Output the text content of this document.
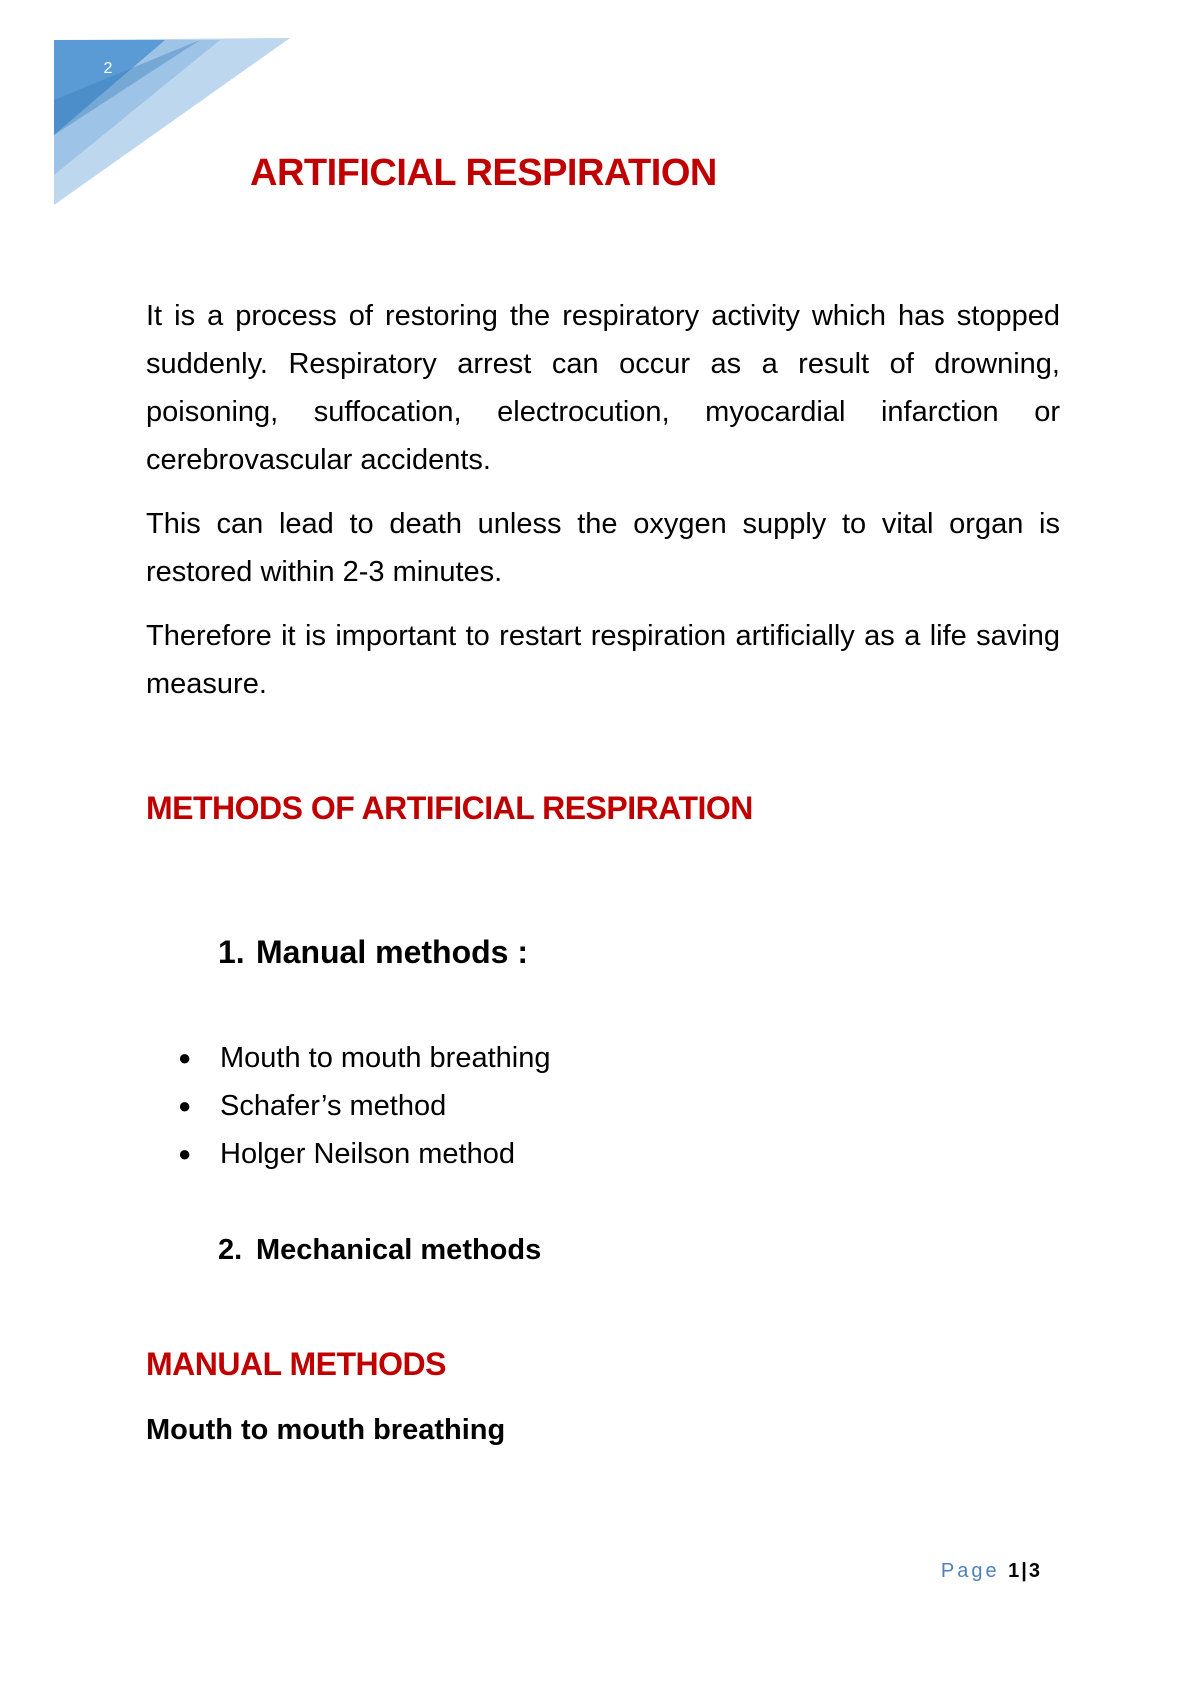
2
ARTIFICIAL RESPIRATION

It is a process of restoring the respiratory activity which has stopped suddenly. Respiratory arrest can occur as a result of drowning, poisoning, suffocation, electrocution, myocardial infarction or cerebrovascular accidents.

This can lead to death unless the oxygen supply to vital organ is restored within 2-3 minutes.

Therefore it is important to restart respiration artificially as a life saving measure.

METHODS OF ARTIFICIAL RESPIRATION
1. Manual methods :
● Mouth to mouth breathing
● Schafer’s method
● Holger Neilson method
2. Mechanical methods
MANUAL METHODS
Mouth to mouth breathing
Page 1 | 3
